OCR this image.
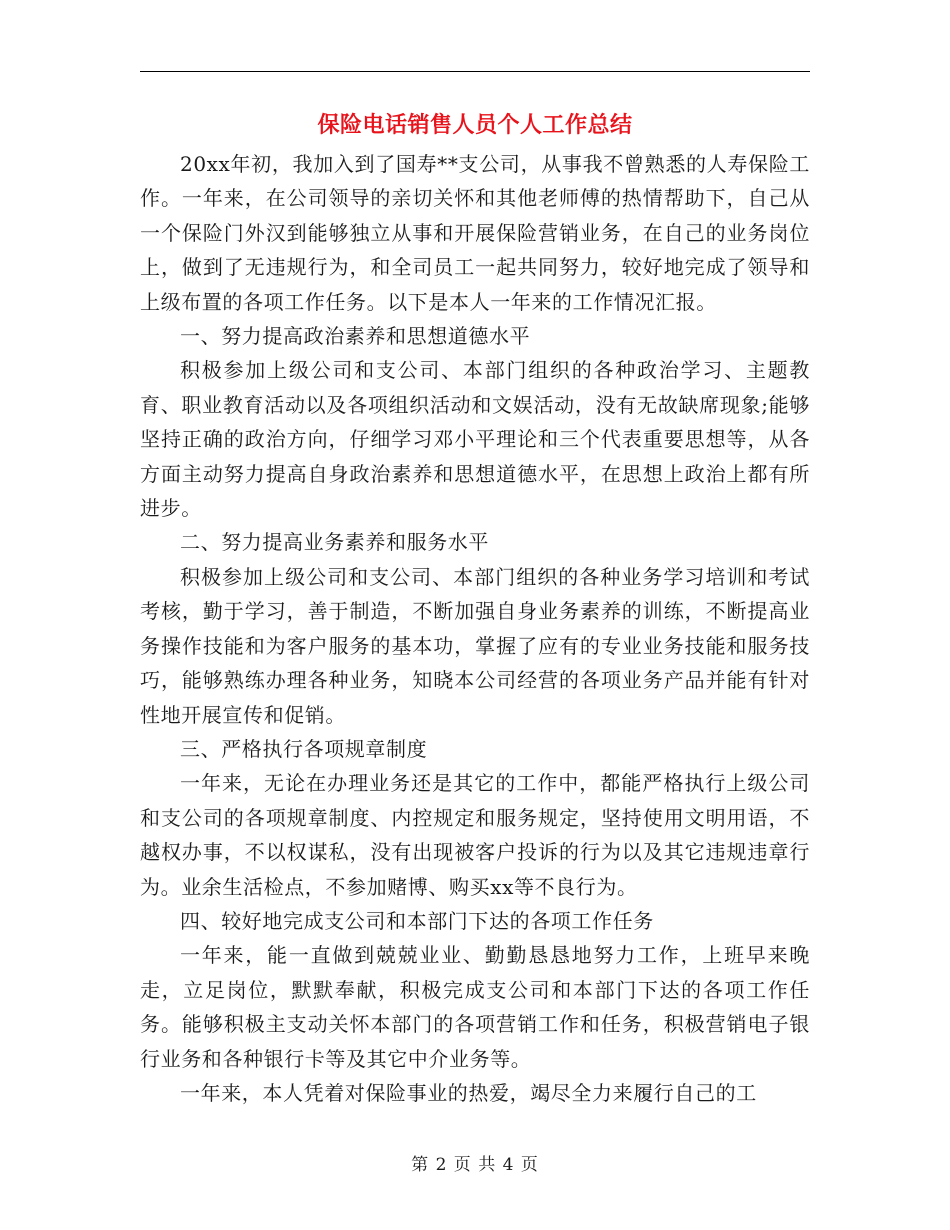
保险电话销售人员个人工作总结

20xx年初，我加入到了国寿**支公司，从事我不曾熟悉的人寿保险工作。一年来，在公司领导的亲切关怀和其他老师傅的热情帮助下，自己从一个保险门外汉到能够独立从事和开展保险营销业务，在自己的业务岗位上，做到了无违规行为，和全司员工一起共同努力，较好地完成了领导和上级布置的各项工作任务。以下是本人一年来的工作情况汇报。

一、努力提高政治素养和思想道德水平

积极参加上级公司和支公司、本部门组织的各种政治学习、主题教育、职业教育活动以及各项组织活动和文娱活动，没有无故缺席现象;能够坚持正确的政治方向，仔细学习邓小平理论和三个代表重要思想等，从各方面主动努力提高自身政治素养和思想道德水平，在思想上政治上都有所进步。

二、努力提高业务素养和服务水平

积极参加上级公司和支公司、本部门组织的各种业务学习培训和考试考核，勤于学习，善于制造，不断加强自身业务素养的训练，不断提高业务操作技能和为客户服务的基本功，掌握了应有的专业业务技能和服务技巧，能够熟练办理各种业务，知晓本公司经营的各项业务产品并能有针对性地开展宣传和促销。

三、严格执行各项规章制度

一年来，无论在办理业务还是其它的工作中，都能严格执行上级公司和支公司的各项规章制度、内控规定和服务规定，坚持使用文明用语，不越权办事，不以权谋私，没有出现被客户投诉的行为以及其它违规违章行为。业余生活检点，不参加赌博、购买xx等不良行为。

四、较好地完成支公司和本部门下达的各项工作任务

一年来，能一直做到兢兢业业、勤勤恳恳地努力工作，上班早来晚走，立足岗位，默默奉献，积极完成支公司和本部门下达的各项工作任务。能够积极主支动关怀本部门的各项营销工作和任务，积极营销电子银行业务和各种银行卡等及其它中介业务等。

一年来，本人凭着对保险事业的热爱，竭尽全力来履行自己的工

第 2 页 共 4 页
